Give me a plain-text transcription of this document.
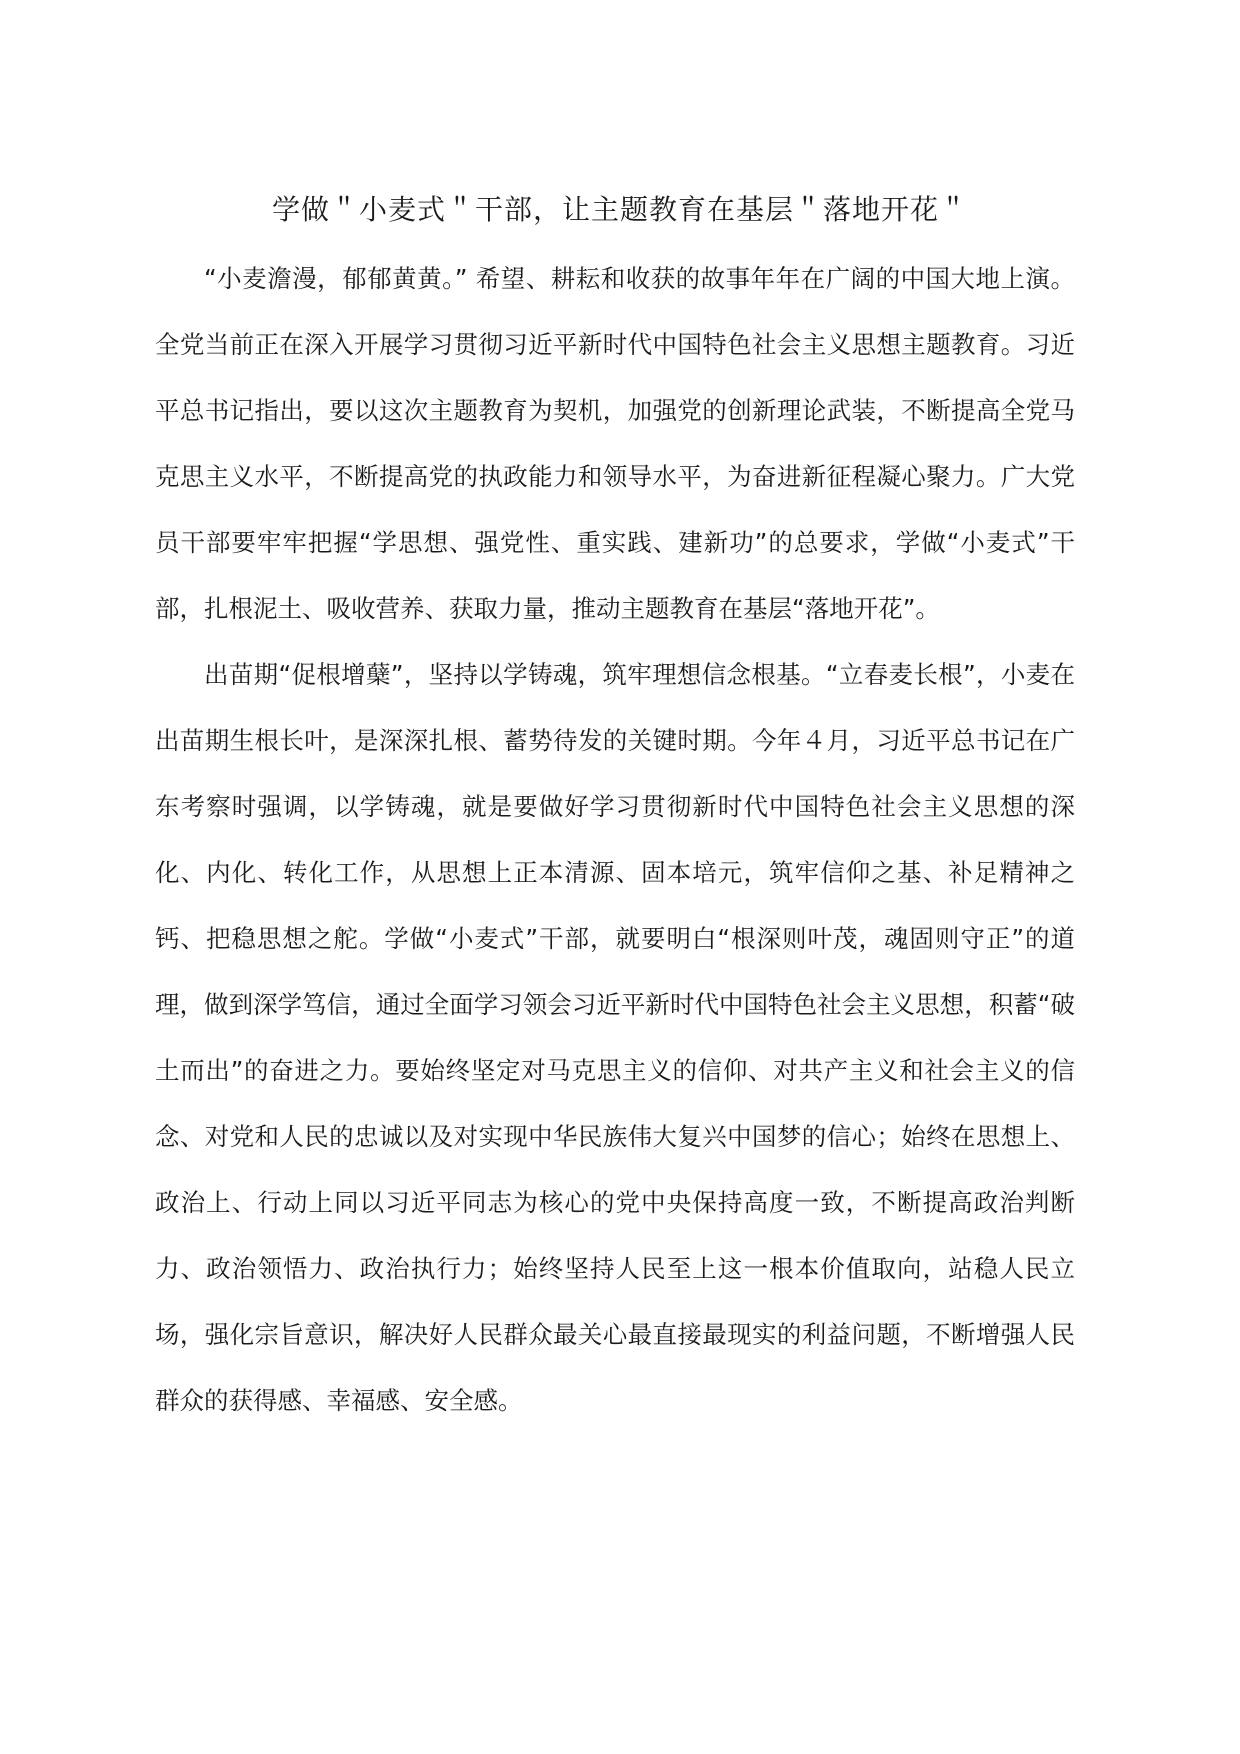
学做＂小麦式＂干部，让主题教育在基层＂落地开花＂

“小麦澹漫，郁郁黄黄。” 希望、耕耘和收获的故事年年在广阔的中国大地上演。全党当前正在深入开展学习贯彻习近平新时代中国特色社会主义思想主题教育。习近平总书记指出，要以这次主题教育为契机，加强党的创新理论武装，不断提高全党马克思主义水平，不断提高党的执政能力和领导水平，为奋进新征程凝心聚力。广大党员干部要牢牢把握“学思想、强党性、重实践、建新功”的总要求，学做“小麦式”干部，扎根泥土、吸收营养、获取力量，推动主题教育在基层“落地开花”。

出苗期“促根增蘖”，坚持以学铸魂，筑牢理想信念根基。“立春麦长根”，小麦在出苗期生根长叶，是深深扎根、蓄势待发的关键时期。今年４月，习近平总书记在广东考察时强调，以学铸魂，就是要做好学习贯彻新时代中国特色社会主义思想的深化、内化、转化工作，从思想上正本清源、固本培元，筑牢信仰之基、补足精神之钙、把稳思想之舵。学做“小麦式”干部，就要明白“根深则叶茂，魂固则守正”的道理，做到深学笃信，通过全面学习领会习近平新时代中国特色社会主义思想，积蓄“破土而出”的奋进之力。要始终坚定对马克思主义的信仰、对共产主义和社会主义的信念、对党和人民的忠诚以及对实现中华民族伟大复兴中国梦的信心；始终在思想上、政治上、行动上同以习近平同志为核心的党中央保持高度一致，不断提高政治判断力、政治领悟力、政治执行力；始终坚持人民至上这一根本价值取向，站稳人民立场，强化宗旨意识，解决好人民群众最关心最直接最现实的利益问题，不断增强人民群众的获得感、幸福感、安全感。
